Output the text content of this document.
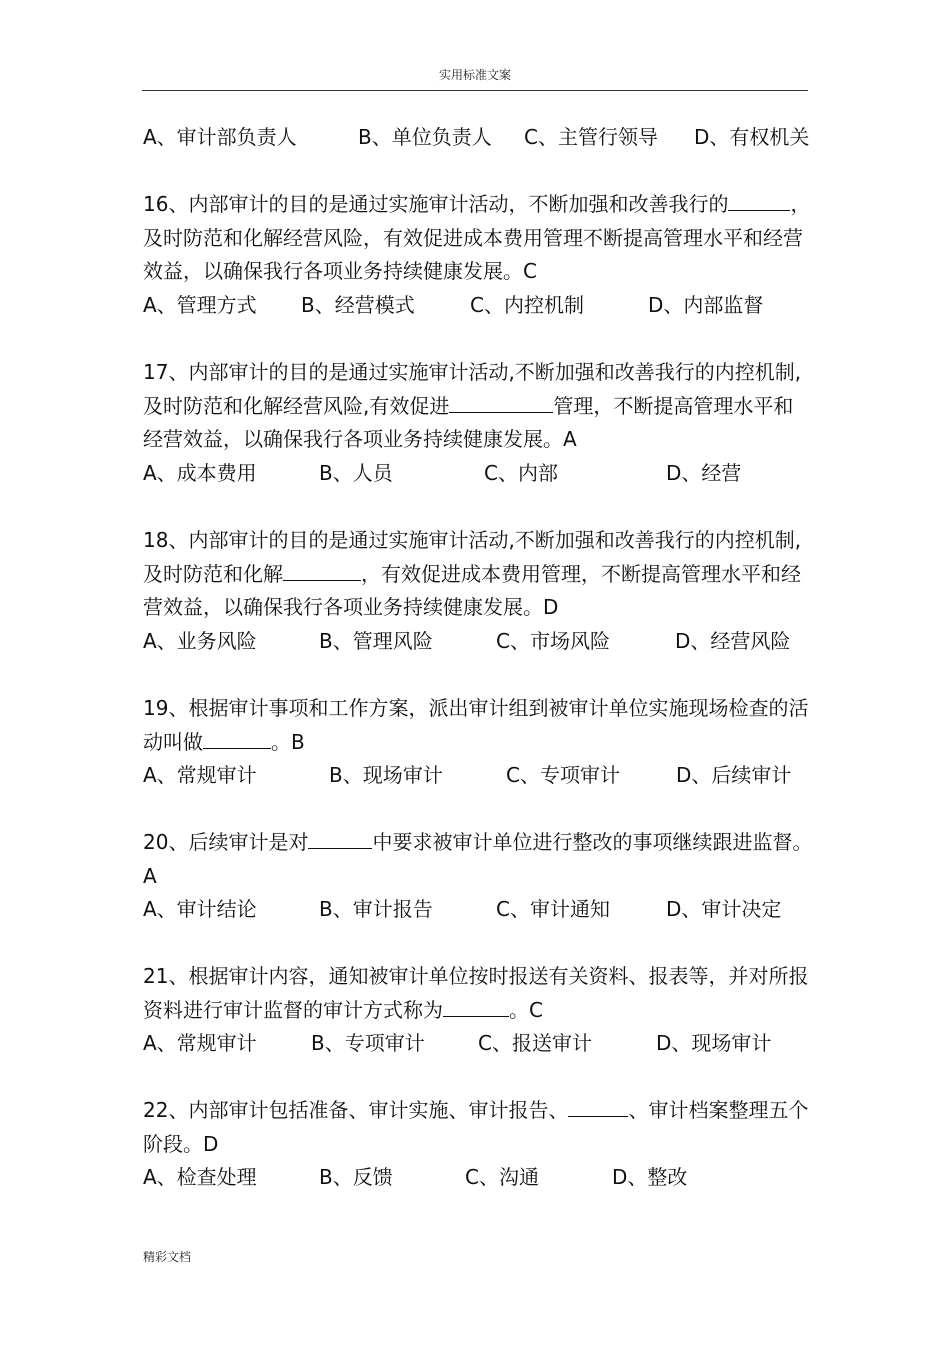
实用标准文案
A、审计部负责人	B、单位负责人 C、主管行领导 D、有权机关
16、内部审计的目的是通过实施审计活动，不断加强和改善我行的	，
及时防范和化解经营风险，有效促进成本费用管理不断提高管理水平和经营
效益，以确保我行各项业务持续健康发展。C
A、管理方式 B、经营模式	C、内控机制	D、内部监督
17、内部审计的目的是通过实施审计活动,不断加强和改善我行的内控机制,
及时防范和化解经营风险,有效促进	管理，不断提高管理水平和
经营效益，以确保我行各项业务持续健康发展。A
A、成本费用	B、人员	C、内部	D、经营
18、内部审计的目的是通过实施审计活动,不断加强和改善我行的内控机制,
及时防范和化解	，有效促进成本费用管理，不断提高管理水平和经
营效益，以确保我行各项业务持续健康发展。D
A、业务风险	B、管理风险	C、市场风险	D、经营风险
19、根据审计事项和工作方案，派出审计组到被审计单位实施现场检查的活
动叫做	。B
A、常规审计	B、现场审计	C、专项审计	D、后续审计
20、后续审计是对	中要求被审计单位进行整改的事项继续跟进监督。
A
A、审计结论	B、审计报告	C、审计通知	D、审计决定
21、根据审计内容，通知被审计单位按时报送有关资料、报表等，并对所报
资料进行审计监督的审计方式称为	。C
A、常规审计	B、专项审计	C、报送审计	D、现场审计
22、内部审计包括准备、审计实施、审计报告、	、审计档案整理五个
阶段。D
A、检查处理	B、反馈	C、沟通	D、整改
精彩文档
